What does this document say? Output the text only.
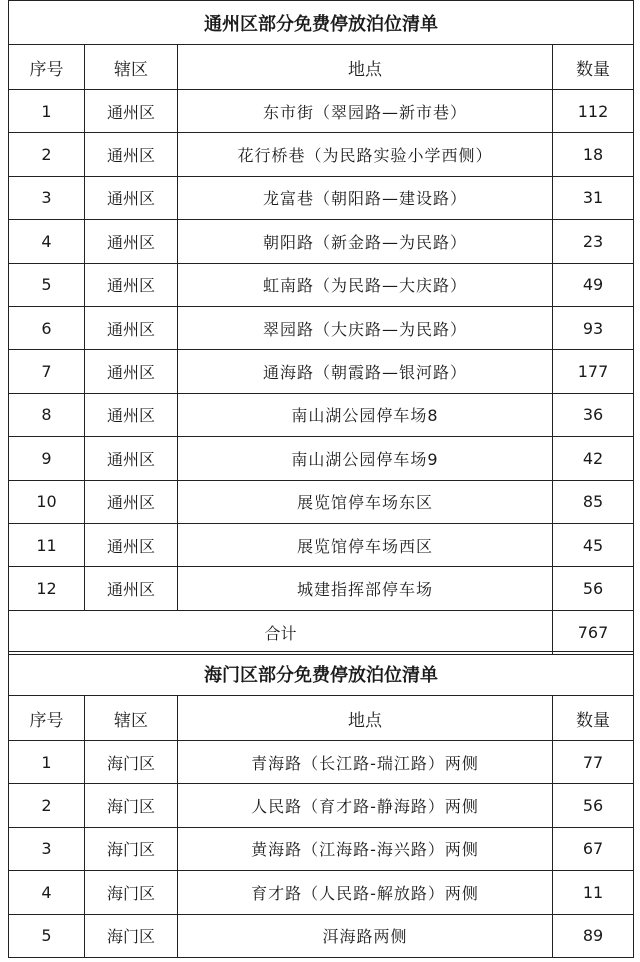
通州区部分免费停放泊位清单			
序号	辖区	地点	数量
1	通州区	东市街（翠园路—新市巷）	112
2	通州区	花行桥巷（为民路实验小学西侧）	18
3	通州区	龙富巷（朝阳路—建设路）	31
4	通州区	朝阳路（新金路—为民路）	23
5	通州区	虹南路（为民路—大庆路）	49
6	通州区	翠园路（大庆路—为民路）	93
7	通州区	通海路（朝霞路—银河路）	177
8	通州区	南山湖公园停车场8	36
9	通州区	南山湖公园停车场9	42
10	通州区	展览馆停车场东区	85
11	通州区	展览馆停车场西区	45
12	通州区	城建指挥部停车场	56
合计			767
海门区部分免费停放泊位清单			
序号	辖区	地点	数量
1	海门区	青海路（长江路-瑞江路）两侧	77
2	海门区	人民路（育才路-静海路）两侧	56
3	海门区	黄海路（江海路-海兴路）两侧	67
4	海门区	育才路（人民路-解放路）两侧	11
5	海门区	洱海路两侧	89
